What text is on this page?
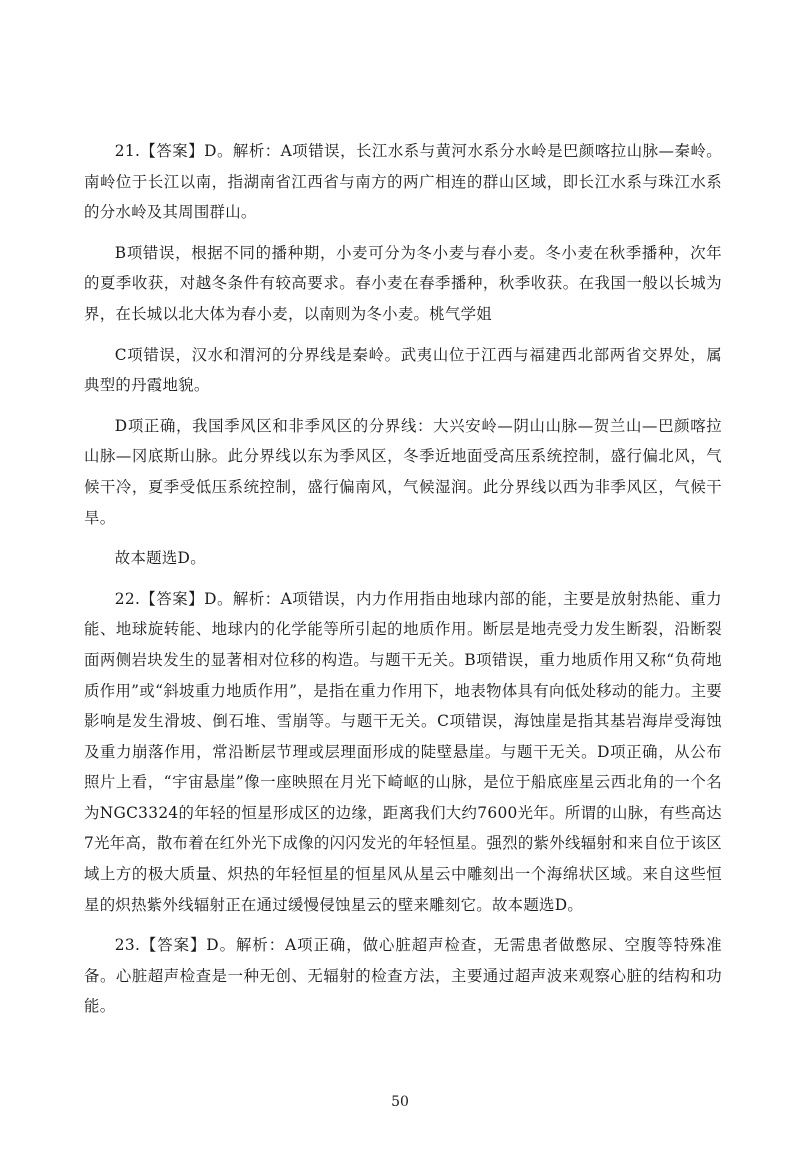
21.【答案】D。解析：A项错误，长江水系与黄河水系分水岭是巴颜喀拉山脉—秦岭。南岭位于长江以南，指湖南省江西省与南方的两广相连的群山区域，即长江水系与珠江水系的分水岭及其周围群山。

B项错误，根据不同的播种期，小麦可分为冬小麦与春小麦。冬小麦在秋季播种，次年的夏季收获，对越冬条件有较高要求。春小麦在春季播种，秋季收获。在我国一般以长城为界，在长城以北大体为春小麦，以南则为冬小麦。桃气学姐

C项错误，汉水和渭河的分界线是秦岭。武夷山位于江西与福建西北部两省交界处，属典型的丹霞地貌。

D项正确，我国季风区和非季风区的分界线：大兴安岭—阴山山脉—贺兰山—巴颜喀拉山脉—冈底斯山脉。此分界线以东为季风区，冬季近地面受高压系统控制，盛行偏北风，气候干冷，夏季受低压系统控制，盛行偏南风，气候湿润。此分界线以西为非季风区，气候干旱。

故本题选D。

22.【答案】D。解析：A项错误，内力作用指由地球内部的能，主要是放射热能、重力能、地球旋转能、地球内的化学能等所引起的地质作用。断层是地壳受力发生断裂，沿断裂面两侧岩块发生的显著相对位移的构造。与题干无关。B项错误，重力地质作用又称“负荷地质作用”或“斜坡重力地质作用”，是指在重力作用下，地表物体具有向低处移动的能力。主要影响是发生滑坡、倒石堆、雪崩等。与题干无关。C项错误，海蚀崖是指其基岩海岸受海蚀及重力崩落作用，常沿断层节理或层理面形成的陡壁悬崖。与题干无关。D项正确，从公布照片上看，“宇宙悬崖”像一座映照在月光下崎岖的山脉，是位于船底座星云西北角的一个名为NGC3324的年轻的恒星形成区的边缘，距离我们大约7600光年。所谓的山脉，有些高达7光年高，散布着在红外光下成像的闪闪发光的年轻恒星。强烈的紫外线辐射和来自位于该区域上方的极大质量、炽热的年轻恒星的恒星风从星云中雕刻出一个海绵状区域。来自这些恒星的炽热紫外线辐射正在通过缓慢侵蚀星云的壁来雕刻它。故本题选D。

23.【答案】D。解析：A项正确，做心脏超声检查，无需患者做憋尿、空腹等特殊准备。心脏超声检查是一种无创、无辐射的检查方法，主要通过超声波来观察心脏的结构和功能。

50
